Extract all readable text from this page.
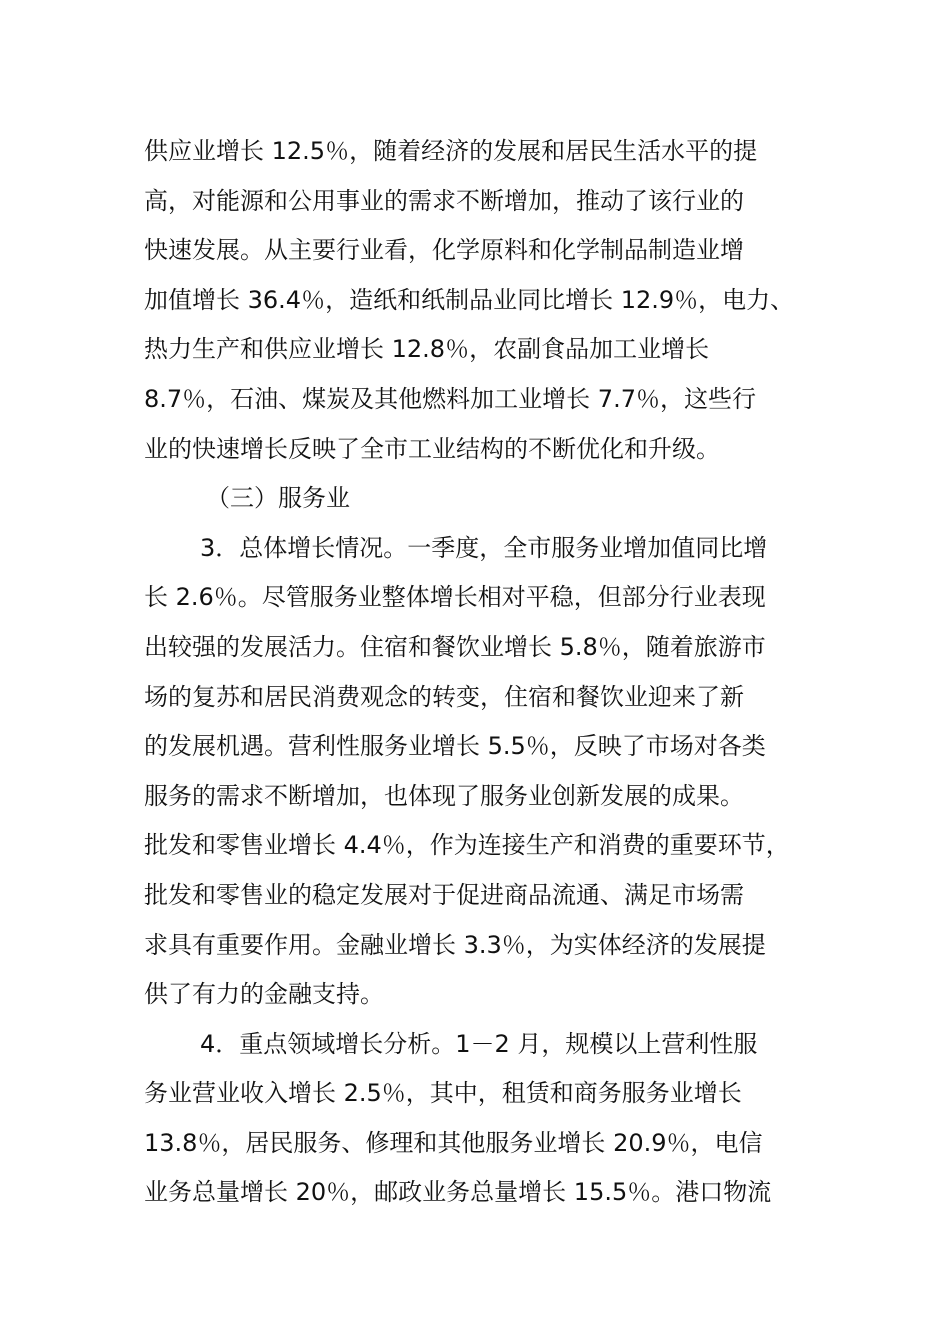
供应业增长 12.5％，随着经济的发展和居民生活水平的提
高，对能源和公用事业的需求不断增加，推动了该行业的
快速发展。从主要行业看，化学原料和化学制品制造业增
加值增长 36.4％，造纸和纸制品业同比增长 12.9％，电力、
热力生产和供应业增长 12.8％，农副食品加工业增长
8.7％，石油、煤炭及其他燃料加工业增长 7.7％，这些行
业的快速增长反映了全市工业结构的不断优化和升级。
（三）服务业
3．总体增长情况。一季度，全市服务业增加值同比增
长 2.6％。尽管服务业整体增长相对平稳，但部分行业表现
出较强的发展活力。住宿和餐饮业增长 5.8％，随着旅游市
场的复苏和居民消费观念的转变，住宿和餐饮业迎来了新
的发展机遇。营利性服务业增长 5.5％，反映了市场对各类
服务的需求不断增加，也体现了服务业创新发展的成果。
批发和零售业增长 4.4％，作为连接生产和消费的重要环节，
批发和零售业的稳定发展对于促进商品流通、满足市场需
求具有重要作用。金融业增长 3.3％，为实体经济的发展提
供了有力的金融支持。
4．重点领域增长分析。1－2 月，规模以上营利性服
务业营业收入增长 2.5％，其中，租赁和商务服务业增长
13.8％，居民服务、修理和其他服务业增长 20.9％，电信
业务总量增长 20％，邮政业务总量增长 15.5％。港口物流
